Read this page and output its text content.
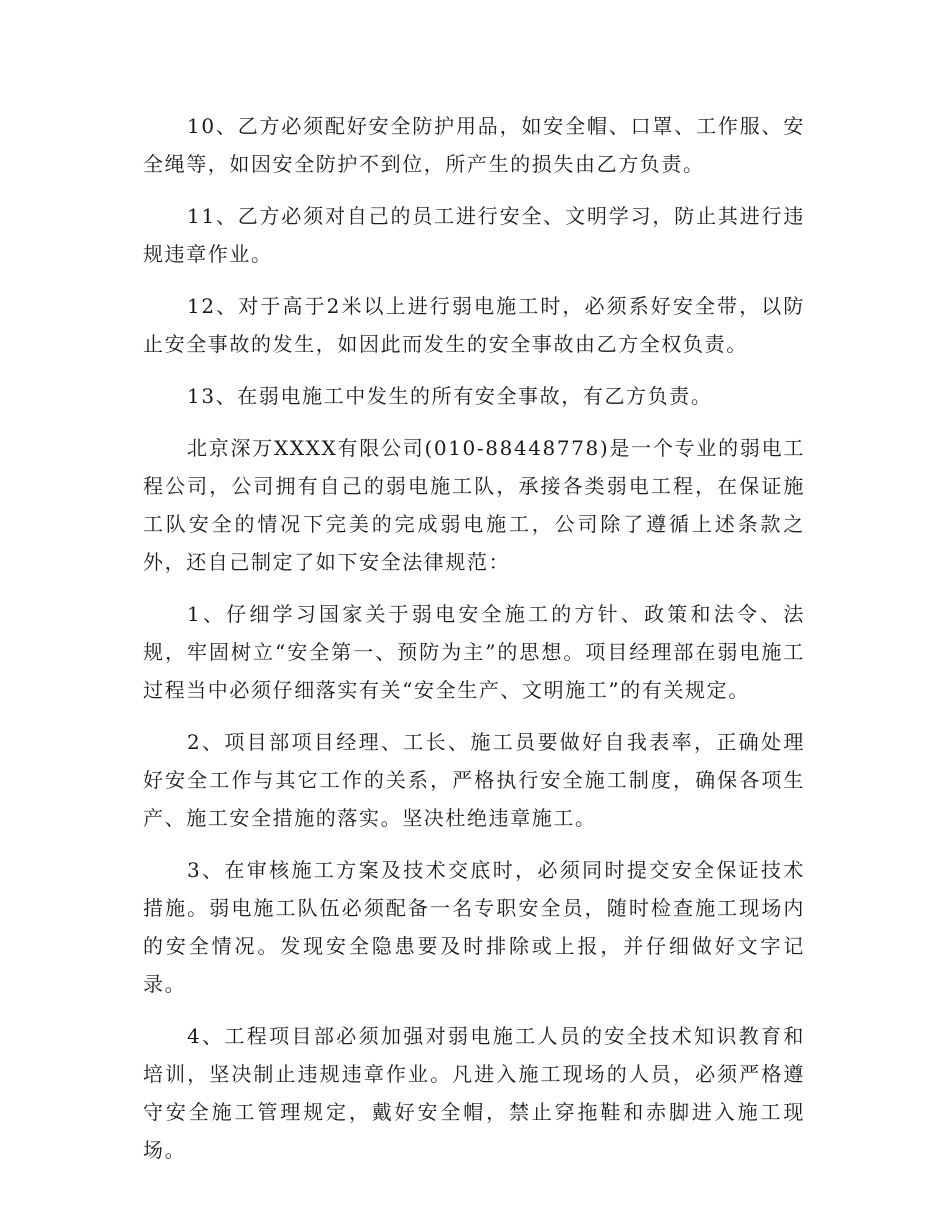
10、乙方必须配好安全防护用品，如安全帽、口罩、工作服、安全绳等，如因安全防护不到位，所产生的损失由乙方负责。

11、乙方必须对自己的员工进行安全、文明学习，防止其进行违规违章作业。

12、对于高于2米以上进行弱电施工时，必须系好安全带，以防止安全事故的发生，如因此而发生的安全事故由乙方全权负责。

13、在弱电施工中发生的所有安全事故，有乙方负责。

北京深万XXXX有限公司(010-88448778)是一个专业的弱电工程公司，公司拥有自己的弱电施工队，承接各类弱电工程，在保证施工队安全的情况下完美的完成弱电施工，公司除了遵循上述条款之外，还自己制定了如下安全法律规范：

1、仔细学习国家关于弱电安全施工的方针、政策和法令、法规，牢固树立“安全第一、预防为主”的思想。项目经理部在弱电施工过程当中必须仔细落实有关“安全生产、文明施工”的有关规定。

2、项目部项目经理、工长、施工员要做好自我表率，正确处理好安全工作与其它工作的关系，严格执行安全施工制度，确保各项生产、施工安全措施的落实。坚决杜绝违章施工。

3、在审核施工方案及技术交底时，必须同时提交安全保证技术措施。弱电施工队伍必须配备一名专职安全员，随时检查施工现场内的安全情况。发现安全隐患要及时排除或上报，并仔细做好文字记录。

4、工程项目部必须加强对弱电施工人员的安全技术知识教育和培训，坚决制止违规违章作业。凡进入施工现场的人员，必须严格遵守安全施工管理规定，戴好安全帽，禁止穿拖鞋和赤脚进入施工现场。
